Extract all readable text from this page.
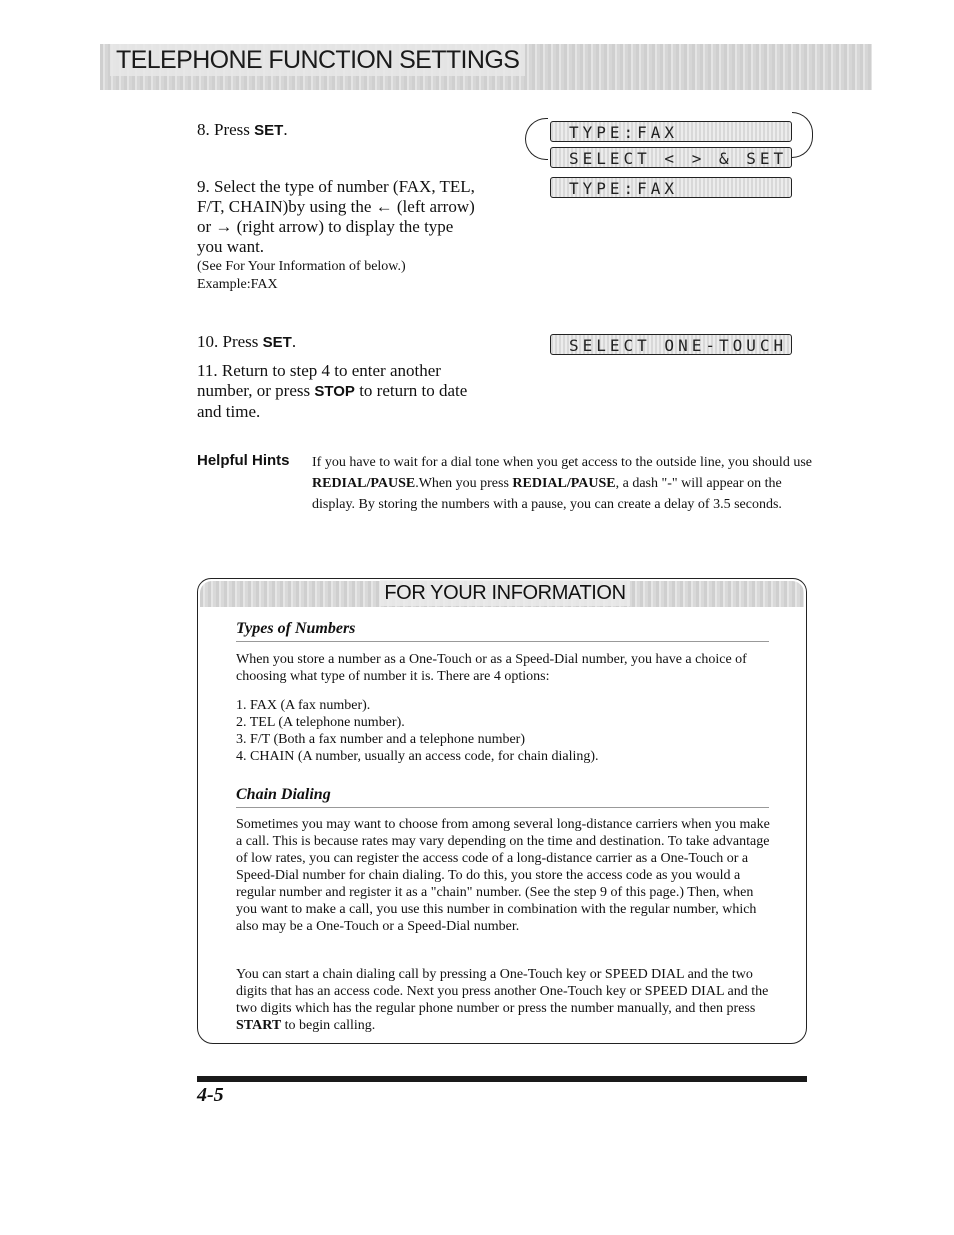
TELEPHONE FUNCTION SETTINGS
8. Press SET.
9. Select the type of number (FAX, TEL, F/T, CHAIN)by using the ← (left arrow) or → (right arrow) to display the type you want.
(See For Your Information of below.)
Example:FAX
10. Press SET.
11. Return to step 4 to enter another number, or press STOP to return to date and time.
TYPE:FAX
SELECT < > & SET
TYPE:FAX
SELECT ONE-TOUCH
Helpful Hints If you have to wait for a dial tone when you get access to the outside line, you should use REDIAL/PAUSE.When you press REDIAL/PAUSE, a dash "-" will appear on the display. By storing the numbers with a pause, you can create a delay of 3.5 seconds.
FOR YOUR INFORMATION
Types of Numbers
When you store a number as a One-Touch or as a Speed-Dial number, you have a choice of choosing what type of number it is. There are 4 options:
1. FAX (A fax number).
2. TEL (A telephone number).
3. F/T (Both a fax number and a telephone number)
4. CHAIN (A number, usually an access code, for chain dialing).
Chain Dialing
Sometimes you may want to choose from among several long-distance carriers when you make a call. This is because rates may vary depending on the time and destination. To take advantage of low rates, you can register the access code of a long-distance carrier as a One-Touch or a Speed-Dial number for chain dialing. To do this, you store the access code as you would a regular number and register it as a "chain" number. (See the step 9 of this page.) Then, when you want to make a call, you use this number in combination with the regular number, which also may be a One-Touch or a Speed-Dial number.
You can start a chain dialing call by pressing a One-Touch key or SPEED DIAL and the two digits that has an access code. Next you press another One-Touch key or SPEED DIAL and the two digits which has the regular phone number or press the number manually, and then press START to begin calling.
4-5
